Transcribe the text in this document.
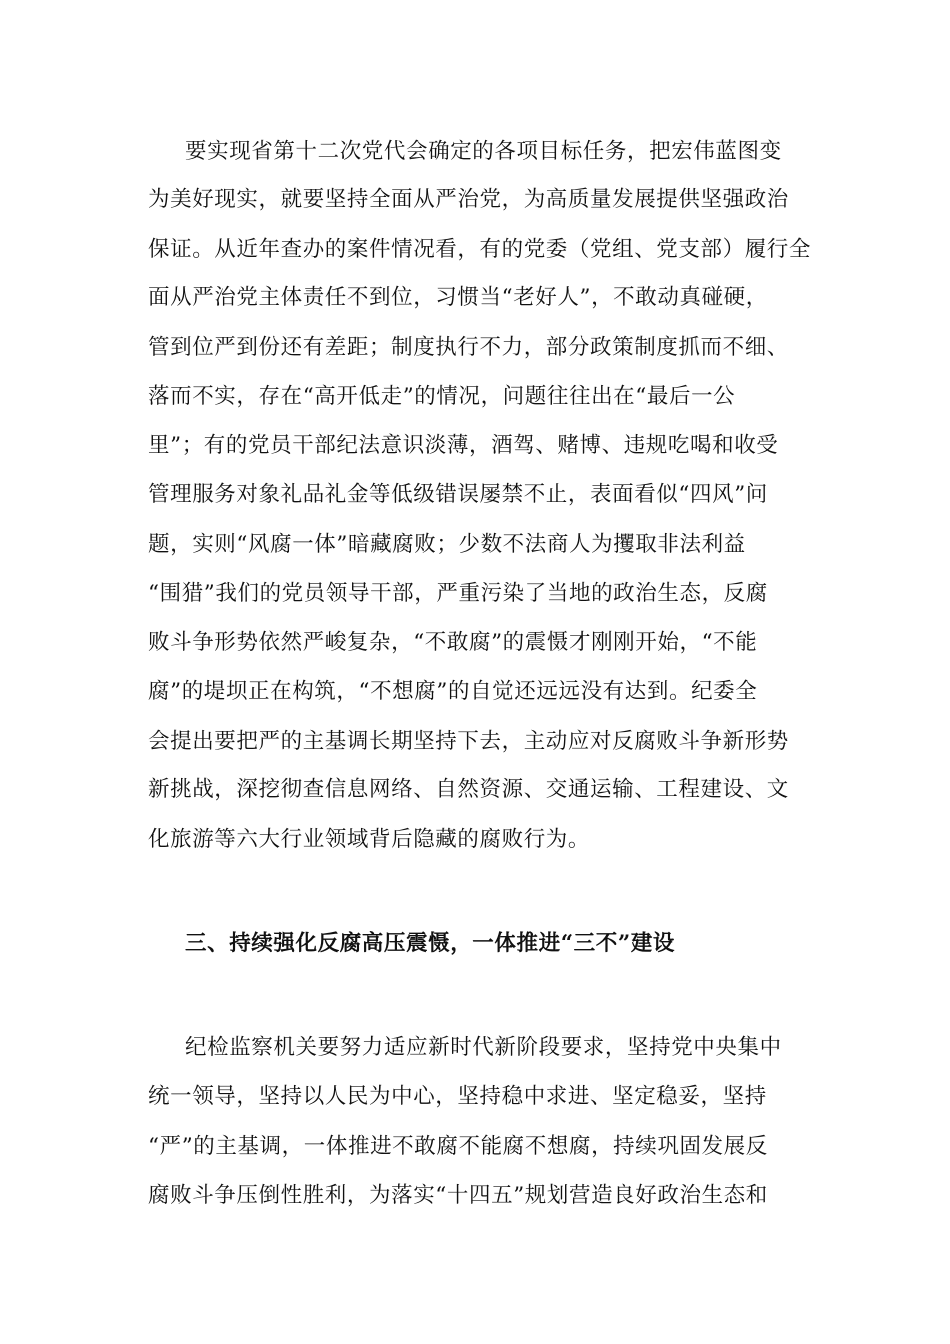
要实现省第十二次党代会确定的各项目标任务，把宏伟蓝图变
为美好现实，就要坚持全面从严治党，为高质量发展提供坚强政治
保证。从近年查办的案件情况看，有的党委（党组、党支部）履行全
面从严治党主体责任不到位，习惯当“老好人”，不敢动真碰硬，
管到位严到份还有差距；制度执行不力，部分政策制度抓而不细、
落而不实，存在“高开低走”的情况，问题往往出在“最后一公
里”；有的党员干部纪法意识淡薄，酒驾、赌博、违规吃喝和收受
管理服务对象礼品礼金等低级错误屡禁不止，表面看似“四风”问
题，实则“风腐一体”暗藏腐败；少数不法商人为攫取非法利益
“围猎”我们的党员领导干部，严重污染了当地的政治生态，反腐
败斗争形势依然严峻复杂，“不敢腐”的震慑才刚刚开始，“不能
腐”的堤坝正在构筑，“不想腐”的自觉还远远没有达到。纪委全
会提出要把严的主基调长期坚持下去，主动应对反腐败斗争新形势
新挑战，深挖彻查信息网络、自然资源、交通运输、工程建设、文
化旅游等六大行业领域背后隐藏的腐败行为。
三、持续强化反腐高压震慑，一体推进“三不”建设
纪检监察机关要努力适应新时代新阶段要求，坚持党中央集中
统一领导，坚持以人民为中心，坚持稳中求进、坚定稳妥，坚持
“严”的主基调，一体推进不敢腐不能腐不想腐，持续巩固发展反
腐败斗争压倒性胜利，为落实“十四五”规划营造良好政治生态和
